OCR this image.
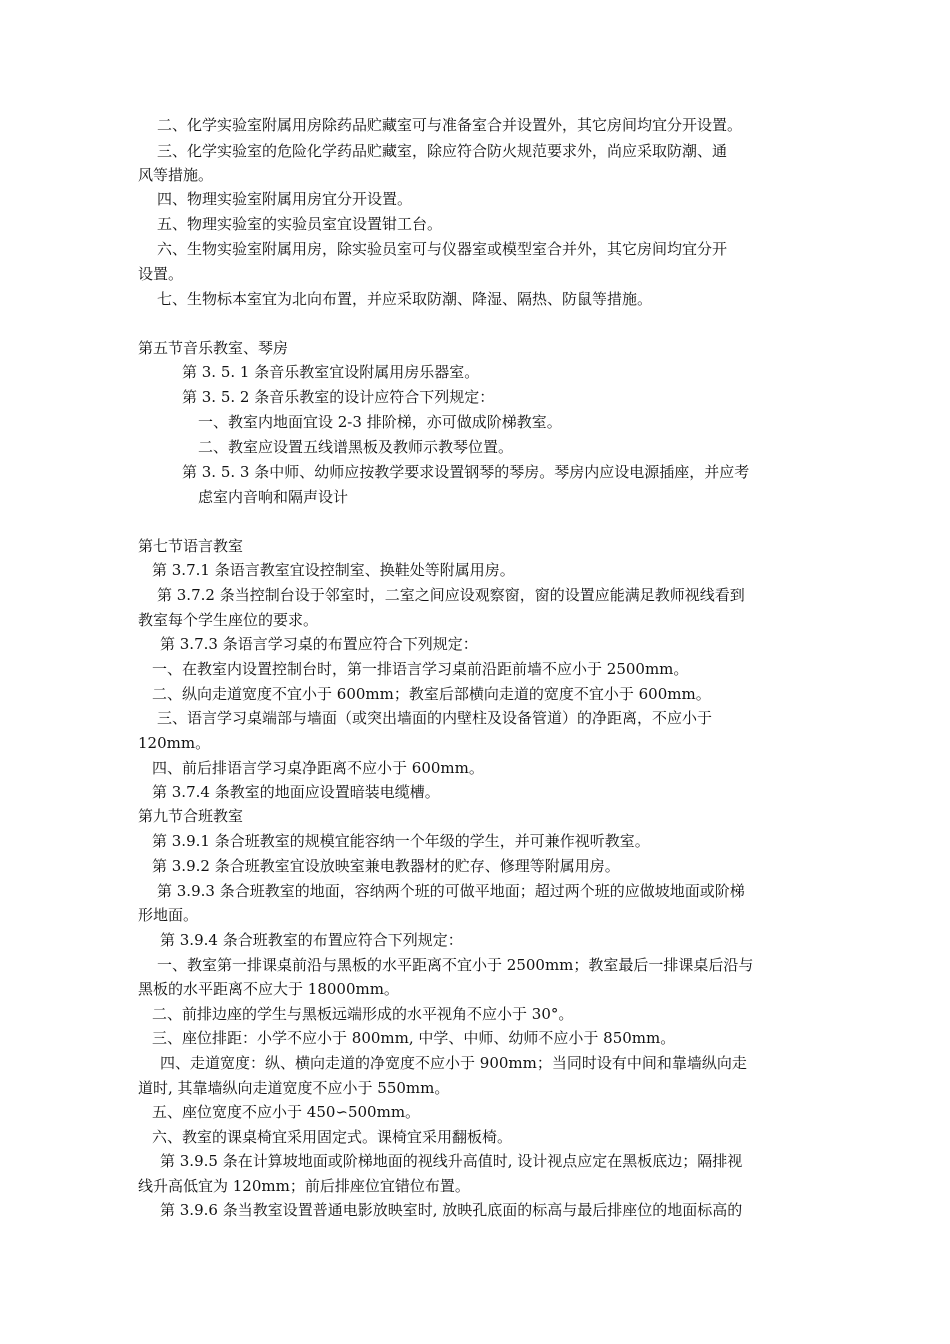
二、化学实验室附属用房除药品贮藏室可与准备室合并设置外，其它房间均宜分开设置。
三、化学实验室的危险化学药品贮藏室，除应符合防火规范要求外，尚应采取防潮、通
风等措施。
四、物理实验室附属用房宜分开设置。
五、物理实验室的实验员室宜设置钳工台。
六、生物实验室附属用房，除实验员室可与仪器室或模型室合并外，其它房间均宜分开
设置。
七、生物标本室宜为北向布置，并应采取防潮、降湿、隔热、防鼠等措施。
第五节音乐教室、琴房
第 3. 5. 1 条音乐教室宜设附属用房乐器室。
第 3. 5. 2 条音乐教室的设计应符合下列规定：
一、教室内地面宜设 2-3 排阶梯，亦可做成阶梯教室。
二、教室应设置五线谱黑板及教师示教琴位置。
第 3. 5. 3 条中师、幼师应按教学要求设置钢琴的琴房。琴房内应设电源插座，并应考
虑室内音响和隔声设计
第七节语言教室
第 3.7.1 条语言教室宜设控制室、换鞋处等附属用房。
第 3.7.2 条当控制台设于邻室时，二室之间应设观察窗，窗的设置应能满足教师视线看到
教室每个学生座位的要求。
第 3.7.3 条语言学习桌的布置应符合下列规定：
一、在教室内设置控制台时，第一排语言学习桌前沿距前墙不应小于 2500mm。
二、纵向走道宽度不宜小于 600mm；教室后部横向走道的宽度不宜小于 600mm。
三、语言学习桌端部与墙面（或突出墙面的内壁柱及设备管道）的净距离，不应小于
120mm。
四、前后排语言学习桌净距离不应小于 600mm。
第 3.7.4 条教室的地面应设置暗装电缆槽。
第九节合班教室
第 3.9.1 条合班教室的规模宜能容纳一个年级的学生，并可兼作视听教室。
第 3.9.2 条合班教室宜设放映室兼电教器材的贮存、修理等附属用房。
第 3.9.3 条合班教室的地面，容纳两个班的可做平地面；超过两个班的应做坡地面或阶梯
形地面。
第 3.9.4 条合班教室的布置应符合下列规定：
一、教室第一排课桌前沿与黑板的水平距离不宜小于 2500mm；教室最后一排课桌后沿与
黑板的水平距离不应大于 18000mm。
二、前排边座的学生与黑板远端形成的水平视角不应小于 30°。
三、座位排距：小学不应小于 800mm, 中学、中师、幼师不应小于 850mm。
四、走道宽度：纵、横向走道的净宽度不应小于 900mm；当同时设有中间和靠墙纵向走
道时, 其靠墙纵向走道宽度不应小于 550mm。
五、座位宽度不应小于 450∽500mm。
六、教室的课桌椅宜采用固定式。课椅宜采用翻板椅。
第 3.9.5 条在计算坡地面或阶梯地面的视线升高值时, 设计视点应定在黑板底边；隔排视
线升高低宜为 120mm；前后排座位宜错位布置。
第 3.9.6 条当教室设置普通电影放映室时, 放映孔底面的标高与最后排座位的地面标高的
